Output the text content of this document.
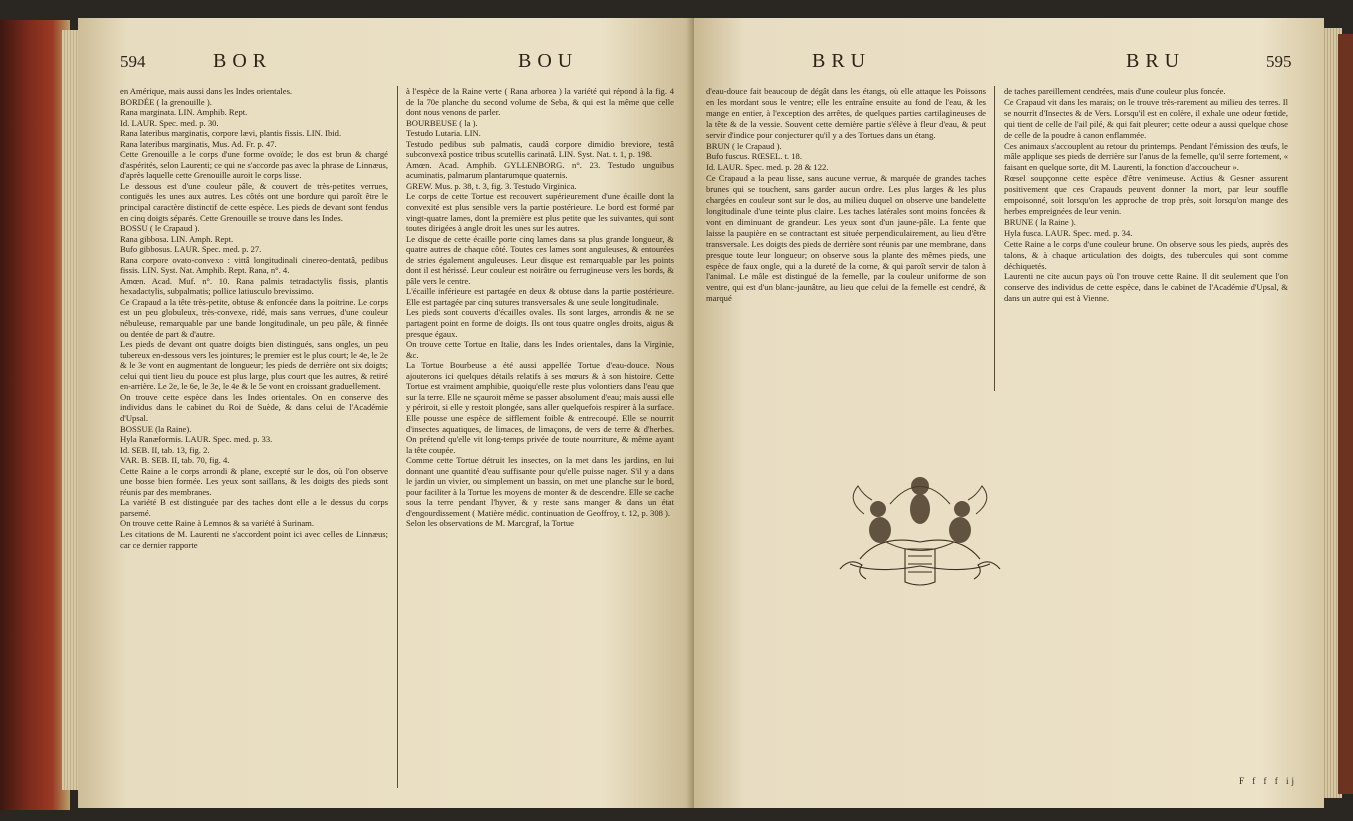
594	BOR	BOU

en Amérique, mais aussi dans les Indes orientales.

BORDÉE ( la grenouille ).

Rana marginata. LIN. Amphib. Rept.

Id. LAUR. Spec. med. p. 30.

Rana lateribus marginatis, corpore lævi, plantis fissis. LIN. Ibid.

Rana lateribus marginatis, Mus. Ad. Fr. p. 47.

Cette Grenouille a le corps d'une forme ovoïde; le dos est brun & chargé d'aspérités, selon Laurenti; ce qui ne s'accorde pas avec la phrase de Linnæus, d'après laquelle cette Grenouille auroit le corps lisse.

Le dessous est d'une couleur pâle, & couvert de très-petites verrues, contiguës les unes aux autres. Les côtés ont une bordure qui paroît être le principal caractère distinctif de cette espèce. Les pieds de devant sont fendus en cinq doigts séparés. Cette Grenouille se trouve dans les Indes.

BOSSU ( le Crapaud ).

Rana gibbosa. LIN. Amph. Rept.

Bufo gibbosus. LAUR. Spec. med. p. 27.

Rana corpore ovato-convexo : vittâ longitudinali cinereo-dentatâ, pedibus fissis. LIN. Syst. Nat. Amphib. Rept. Rana, n°. 4.

Amœn. Acad. Muf. n°. 10. Rana palmis tetradactylis fissis, plantis hexadactylis, subpalmatis; pollice latiusculo brevissimo.

Ce Crapaud a la tête très-petite, obtuse & enfoncée dans la poitrine. Le corps est un peu globuleux, très-convexe, ridé, mais sans verrues, d'une couleur nébuleuse, remarquable par une bande longitudinale, un peu pâle, & finnée ou dentée de part & d'autre.

Les pieds de devant ont quatre doigts bien distingués, sans ongles, un peu tubereux en-dessous vers les jointures; le premier est le plus court; le 4e, le 2e & le 3e vont en augmentant de longueur; les pieds de derrière ont six doigts; celui qui tient lieu du pouce est plus large, plus court que les autres, & retiré en-arrière. Le 2e, le 6e, le 3e, le 4e & le 5e vont en croissant graduellement.

On trouve cette espèce dans les Indes orientales. On en conserve des individus dans le cabinet du Roi de Suède, & dans celui de l'Académie d'Upsal.

BOSSUE (la Raine).

Hyla Ranæformis. LAUR. Spec. med. p. 33.

Id. SEB. II, tab. 13, fig. 2.

VAR. B. SEB. II, tab. 70, fig. 4.

Cette Raine a le corps arrondi & plane, excepté sur le dos, où l'on observe une bosse bien formée. Les yeux sont saillans, & les doigts des pieds sont réunis par des membranes.

La variété B est distinguée par des taches dont elle a le dessus du corps parsemé.

On trouve cette Raine à Lemnos & sa variété à Surinam.

Les citations de M. Laurenti ne s'accordent point ici avec celles de Linnæus; car ce dernier rapporte

à l'espèce de la Raine verte ( Rana arborea ) la variété qui répond à la fig. 4 de la 70e planche du second volume de Seba, & qui est la même que celle dont nous venons de parler.

BOURBEUSE ( la ).

Testudo Lutaria. LIN.

Testudo pedibus sub palmatis, caudâ corpore dimidio breviore, testâ subconvexâ postice tribus scutellis carinatâ. LIN. Syst. Nat. t. 1, p. 198.

Amœn. Acad. Amphib. GYLLENBORG. n°. 23. Testudo unguibus acuminatis, palmarum plantarumque quaternis.

GREW. Mus. p. 38, t. 3, fig. 3. Testudo Virginica.

Le corps de cette Tortue est recouvert supérieurement d'une écaille dont la convexité est plus sensible vers la partie postérieure. Le bord est formé par vingt-quatre lames, dont la première est plus petite que les suivantes, qui sont toutes dirigées à angle droit les unes sur les autres.

Le disque de cette écaille porte cinq lames dans sa plus grande longueur, & quatre autres de chaque côté. Toutes ces lames sont anguleuses, & entourées de stries également anguleuses. Leur disque est remarquable par les points dont il est hérissé. Leur couleur est noirâtre ou ferrugineuse vers les bords, & pâle vers le centre.

L'écaille inférieure est partagée en deux & obtuse dans la partie postérieure. Elle est partagée par cinq sutures transversales & une seule longitudinale.

Les pieds sont couverts d'écailles ovales. Ils sont larges, arrondis & ne se partagent point en forme de doigts. Ils ont tous quatre ongles droits, aigus & presque égaux.

On trouve cette Tortue en Italie, dans les Indes orientales, dans la Virginie, &c.

La Tortue Bourbeuse a été aussi appellée Tortue d'eau-douce. Nous ajouterons ici quelques détails relatifs à ses mœurs & à son histoire. Cette Tortue est vraiment amphibie, quoiqu'elle reste plus volontiers dans l'eau que sur la terre. Elle ne sçauroit même se passer absolument d'eau; mais aussi elle y périroit, si elle y restoit plongée, sans aller quelquefois respirer à la surface. Elle pousse une espèce de sifflement foible & entrecoupé. Elle se nourrit d'insectes aquatiques, de limaces, de limaçons, de vers de terre & d'herbes. On prétend qu'elle vit long-temps privée de toute nourriture, & même ayant la tête coupée.

Comme cette Tortue détruit les insectes, on la met dans les jardins, en lui donnant une quantité d'eau suffisante pour qu'elle puisse nager. S'il y a dans le jardin un vivier, ou simplement un bassin, on met une planche sur le bord, pour faciliter à la Tortue les moyens de monter & de descendre. Elle se cache sous la terre pendant l'hyver, & y reste sans manger & dans un état d'engourdissement ( Matière médic. continuation de Geoffroy, t. 12, p. 308 ).

Selon les observations de M. Marcgraf, la Tortue

BRU	BRU	595

d'eau-douce fait beaucoup de dégât dans les étangs, où elle attaque les Poissons en les mordant sous le ventre; elle les entraîne ensuite au fond de l'eau, & les mange en entier, à l'exception des arrêtes, de quelques parties cartilagineuses de la tête & de la vessie. Souvent cette dernière partie s'élève à fleur d'eau, & peut servir d'indice pour conjecturer qu'il y a des Tortues dans un étang.

BRUN ( le Crapaud ).

Bufo fuscus. RŒSEL. t. 18.

Id. LAUR. Spec. med. p. 28 & 122.

Ce Crapaud a la peau lisse, sans aucune verrue, & marquée de grandes taches brunes qui se touchent, sans garder aucun ordre. Les plus larges & les plus chargées en couleur sont sur le dos, au milieu duquel on observe une bandelette longitudinale d'une teinte plus claire. Les taches latérales sont moins foncées & vont en diminuant de grandeur. Les yeux sont d'un jaune-pâle. La fente que laisse la paupière en se contractant est située perpendiculairement, au lieu d'être transversale. Les doigts des pieds de derrière sont réunis par une membrane, dans presque toute leur longueur; on observe sous la plante des mêmes pieds, une espèce de faux ongle, qui a la dureté de la corne, & qui paroît servir de talon à l'animal. Le mâle est distingué de la femelle, par la couleur uniforme de son ventre, qui est d'un blanc-jaunâtre, au lieu que celui de la femelle est cendré, & marqué

de taches pareillement cendrées, mais d'une couleur plus foncée.

Ce Crapaud vit dans les marais; on le trouve très-rarement au milieu des terres. Il se nourrit d'Insectes & de Vers. Lorsqu'il est en colère, il exhale une odeur fœtide, qui tient de celle de l'ail pilé, & qui fait pleurer; cette odeur a aussi quelque chose de celle de la poudre à canon enflammée.

Ces animaux s'accouplent au retour du printemps. Pendant l'émission des œufs, le mâle applique ses pieds de derrière sur l'anus de la femelle, qu'il serre fortement, « faisant en quelque sorte, dit M. Laurenti, la fonction d'accoucheur ».

Rœsel soupçonne cette espèce d'être venimeuse. Actius & Gesner assurent positivement que ces Crapauds peuvent donner la mort, par leur souffle empoisonné, soit lorsqu'on les approche de trop près, soit lorsqu'on mange des herbes empreignées de leur venin.

BRUNE ( la Raine ).

Hyla fusca. LAUR. Spec. med. p. 34.

Cette Raine a le corps d'une couleur brune. On observe sous les pieds, auprès des talons, & à chaque articulation des doigts, des tubercules qui sont comme déchiquetés.

Laurenti ne cite aucun pays où l'on trouve cette Raine. Il dit seulement que l'on conserve des individus de cette espèce, dans le cabinet de l'Académie d'Upsal, & dans un autre qui est à Vienne.

F f f f ij
